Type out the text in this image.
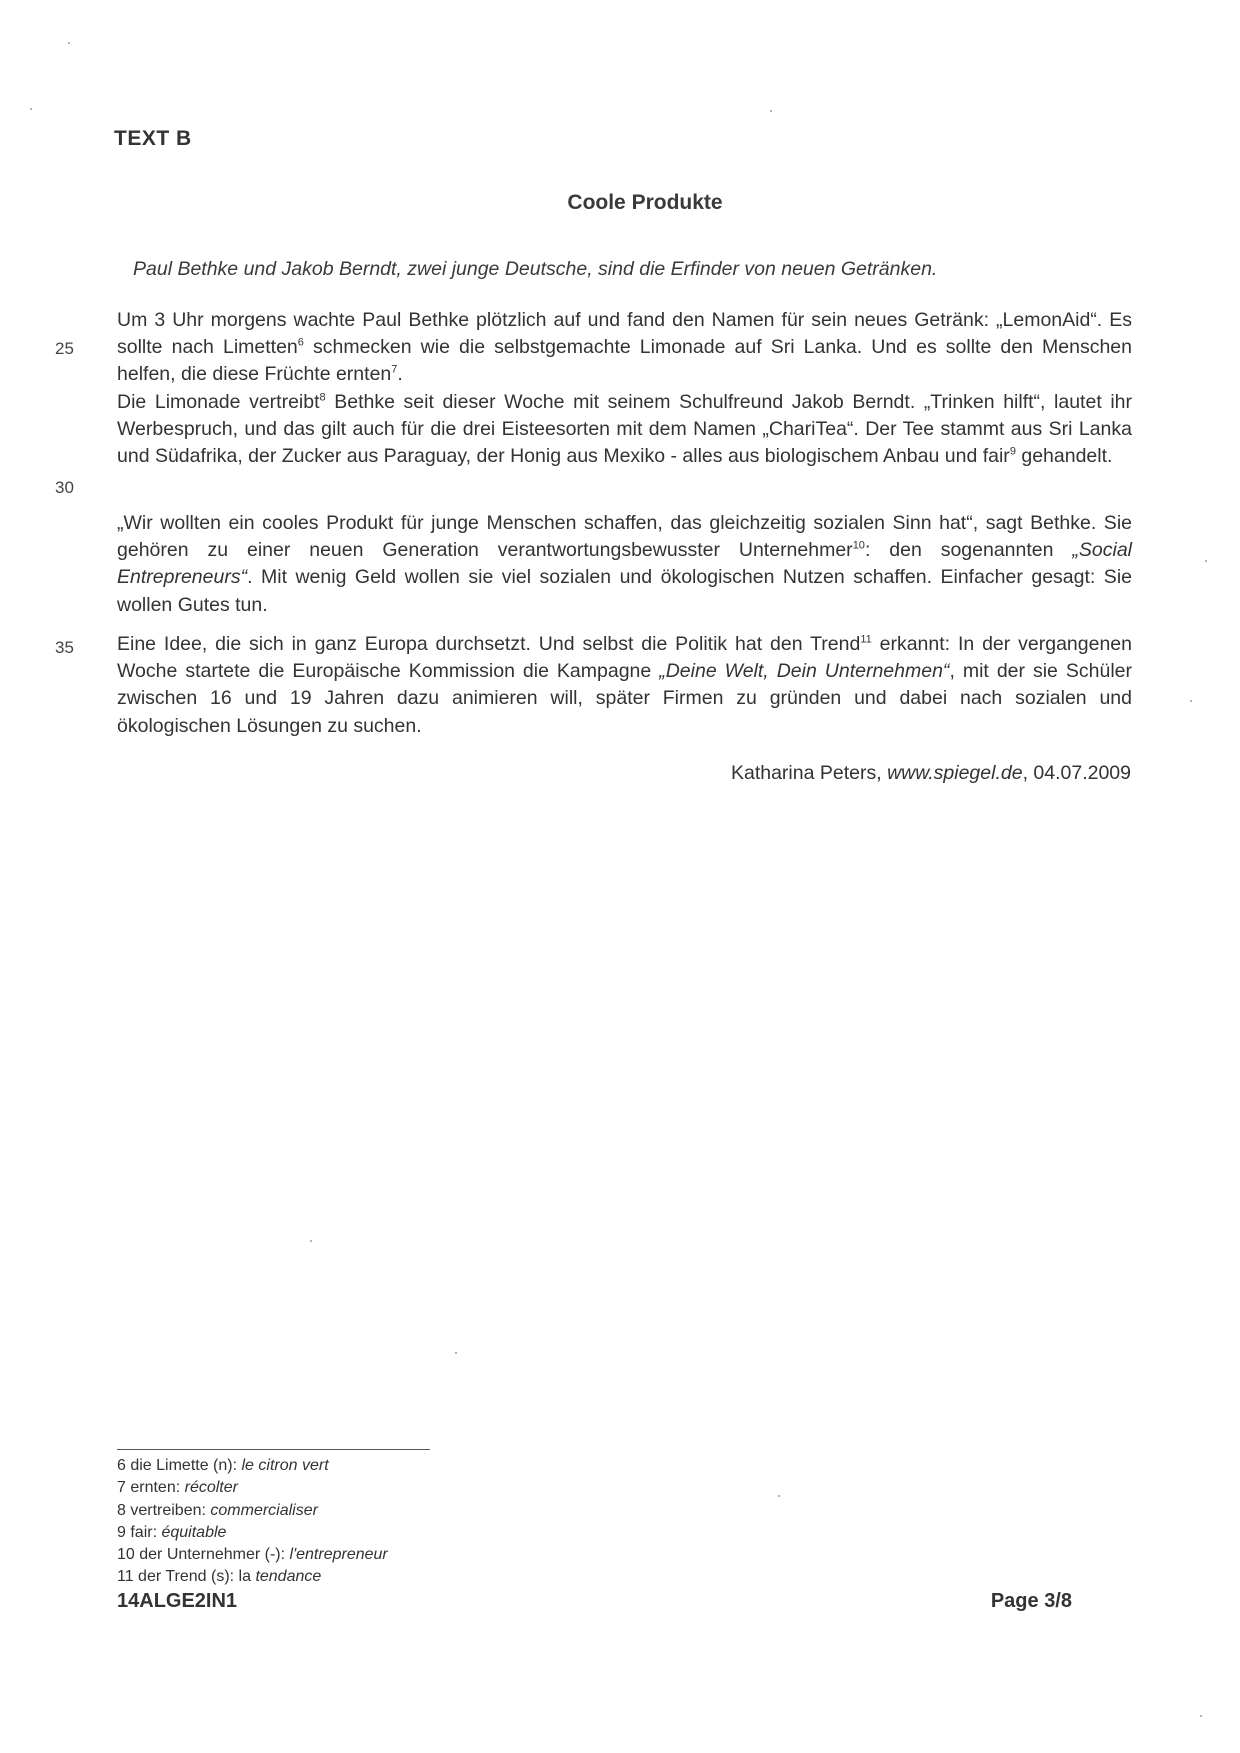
TEXT B
Coole Produkte
Paul Bethke und Jakob Berndt, zwei junge Deutsche, sind die Erfinder von neuen Getränken.
25
30
35
Um 3 Uhr morgens wachte Paul Bethke plötzlich auf und fand den Namen für sein neues Getränk: „LemonAid“. Es sollte nach Limetten$^6$ schmecken wie die selbstgemachte Limonade auf Sri Lanka. Und es sollte den Menschen helfen, die diese Früchte ernten$^7$.
Die Limonade vertreibt$^8$ Bethke seit dieser Woche mit seinem Schulfreund Jakob Berndt. „Trinken hilft“, lautet ihr Werbespruch, und das gilt auch für die drei Eisteesorten mit dem Namen „ChariTea“. Der Tee stammt aus Sri Lanka und Südafrika, der Zucker aus Paraguay, der Honig aus Mexiko - alles aus biologischem Anbau und fair$^9$ gehandelt.
„Wir wollten ein cooles Produkt für junge Menschen schaffen, das gleichzeitig sozialen Sinn hat“, sagt Bethke. Sie gehören zu einer neuen Generation verantwortungsbewusster Unternehmer$^{10}$: den sogenannten „Social Entrepreneurs“. Mit wenig Geld wollen sie viel sozialen und ökologischen Nutzen schaffen. Einfacher gesagt: Sie wollen Gutes tun.
Eine Idee, die sich in ganz Europa durchsetzt. Und selbst die Politik hat den Trend$^{11}$ erkannt: In der vergangenen Woche startete die Europäische Kommission die Kampagne „Deine Welt, Dein Unternehmen“, mit der sie Schüler zwischen 16 und 19 Jahren dazu animieren will, später Firmen zu gründen und dabei nach sozialen und ökologischen Lösungen zu suchen.
Katharina Peters, www.spiegel.de, 04.07.2009
6 die Limette (n): le citron vert
7 ernten: récolter
8 vertreiben: commercialiser
9 fair: équitable
10 der Unternehmer (-): l'entrepreneur
11 der Trend (s): la tendance
14ALGE2IN1	Page 3/8
